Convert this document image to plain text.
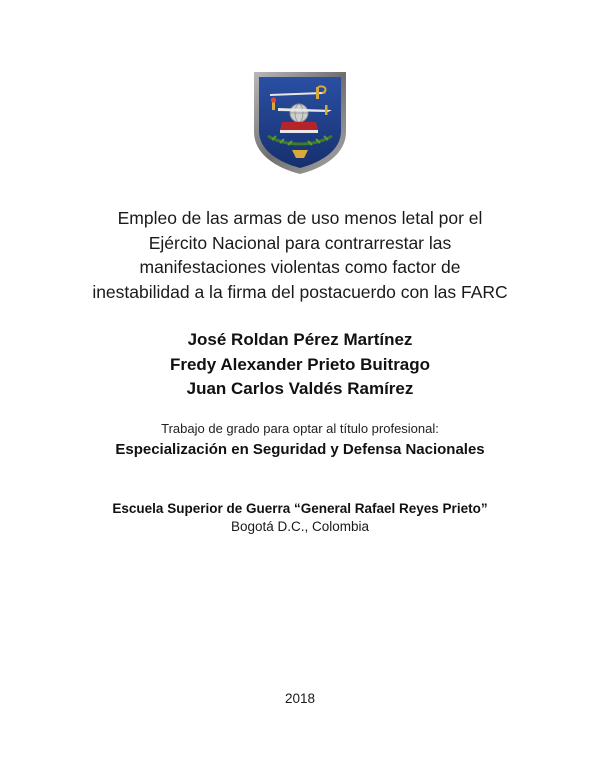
Empleo de las armas de uso menos letal por el
Ejército Nacional para contrarrestar las
manifestaciones violentas como factor de
inestabilidad a la firma del postacuerdo con las FARC
José Roldan Pérez Martínez
Fredy Alexander Prieto Buitrago
Juan Carlos Valdés Ramírez
Trabajo de grado para optar al título profesional:
Especialización en Seguridad y Defensa Nacionales
Escuela Superior de Guerra “General Rafael Reyes Prieto”
Bogotá D.C., Colombia
2018
